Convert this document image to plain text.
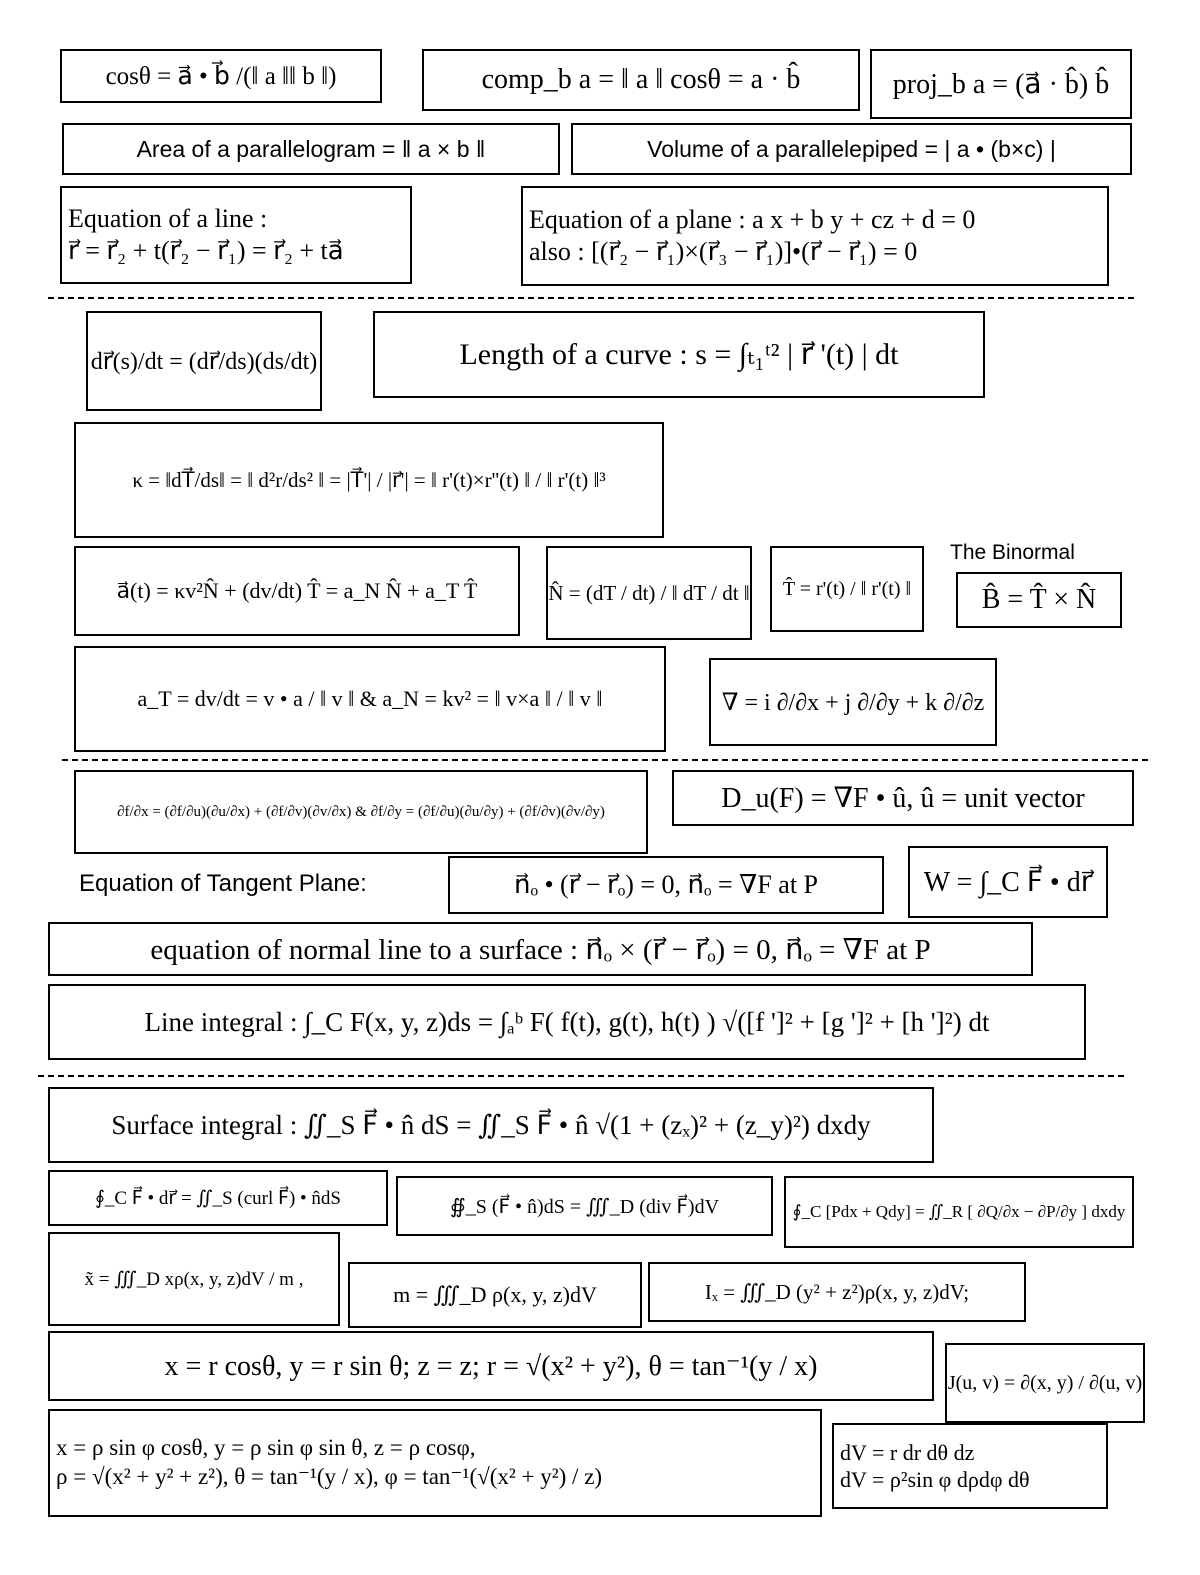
cosθ = a⃗ • b⃗ /(‖ a ‖‖ b ‖)	comp_b a = ‖ a ‖ cosθ = a · b̂	proj_b a = (a⃗ · b̂) b̂
Area of a parallelogram = ‖ a × b ‖	Volume of a parallelepiped = | a • (b×c) |
Equation of a line :
r⃗ = r⃗₂ + t(r⃗₂ − r⃗₁) = r⃗₂ + ta⃗
Equation of a plane : a x + b y + cz + d = 0
also : [(r⃗₂ − r⃗₁)×(r⃗₃ − r⃗₁)]•(r⃗ − r⃗₁) = 0
dr⃗(s)/dt = (dr⃗/ds)(ds/dt)	Length of a curve : s = ∫ₜ₁ᵗ² | r⃗ '(t) | dt
κ = ‖dT⃗/ds‖ = ‖ d²r/ds² ‖ = |T⃗'| / |r⃗'| = ‖ r'(t)×r''(t) ‖ / ‖ r'(t) ‖³
a⃗(t) = κv²N̂ + (dv/dt) T̂ = a_N N̂ + a_T T̂	N̂ = (dT / dt) / ‖ dT / dt ‖ T̂ = r'(t) / ‖ r'(t) ‖
The Binormal
B̂ = T̂ × N̂
a_T = dv/dt = v • a / ‖ v ‖ & a_N = kv² = ‖ v×a ‖ / ‖ v ‖	∇ = i ∂/∂x + j ∂/∂y + k ∂/∂z
∂f/∂x = (∂f/∂u)(∂u/∂x) + (∂f/∂v)(∂v/∂x) & ∂f/∂y = (∂f/∂u)(∂u/∂y) + (∂f/∂v)(∂v/∂y)	D_u(F) = ∇F • û, û = unit vector
Equation of Tangent Plane:	n⃗ₒ • (r⃗ − r⃗ₒ) = 0, n⃗ₒ = ∇F at P	W = ∫_C F⃗ • dr⃗
equation of normal line to a surface : n⃗ₒ × (r⃗ − r⃗ₒ) = 0, n⃗ₒ = ∇F at P
Line integral : ∫_C F(x, y, z)ds = ∫ₐᵇ F( f(t), g(t), h(t) ) √([f ']² + [g ']² + [h ']²) dt
Surface integral : ∬_S F⃗ • n̂ dS = ∬_S F⃗ • n̂ √(1 + (zₓ)² + (z_y)²) dxdy
∮_C F⃗ • dr⃗ = ∬_S (curl F⃗) • n̂dS	∯_S (F⃗ • n̂)dS = ∭_D (div F⃗)dV	∮_C [Pdx + Qdy] = ∬_R [ ∂Q/∂x − ∂P/∂y ] dxdy
x̃ = ∭_D xρ(x, y, z)dV / m ,
m = ∭_D ρ(x, y, z)dV	Iₓ = ∭_D (y² + z²)ρ(x, y, z)dV;
x = r cosθ, y = r sin θ; z = z; r = √(x² + y²), θ = tan⁻¹(y / x)
J(u, v) = ∂(x, y) / ∂(u, v)
x = ρ sin φ cosθ, y = ρ sin φ sin θ, z = ρ cosφ,
ρ = √(x² + y² + z²), θ = tan⁻¹(y / x), φ = tan⁻¹(√(x² + y²) / z)
dV = r dr dθ dz
dV = ρ²sin φ dρdφ dθ
